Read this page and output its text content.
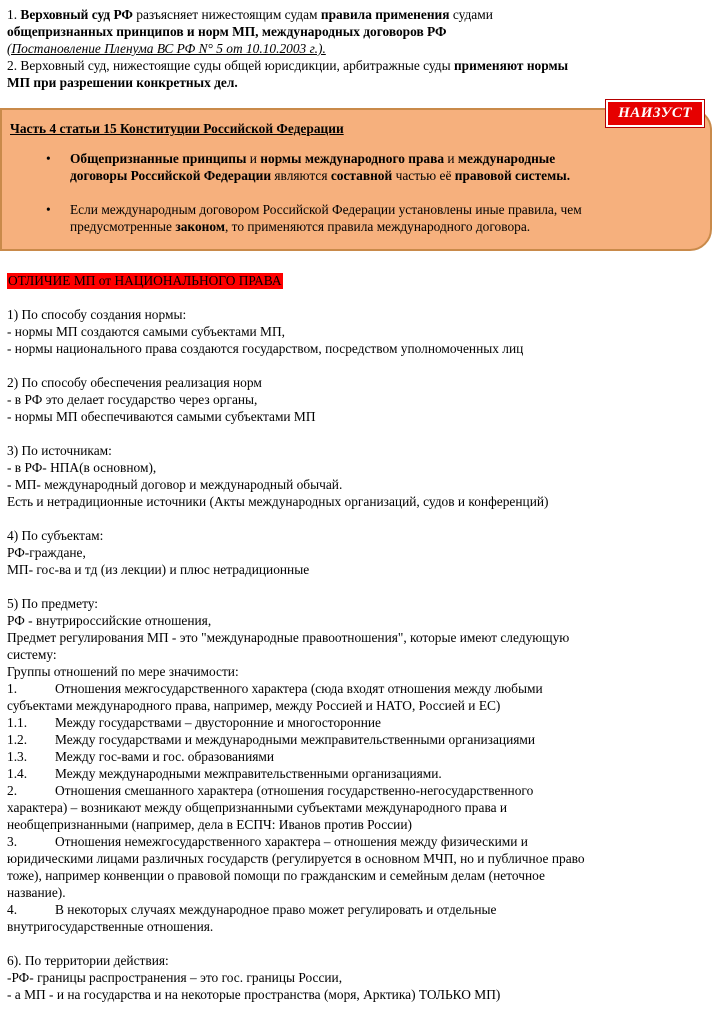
1. Верховный суд РФ разъясняет нижестоящим судам правила применения судами

общепризнанных принципов и норм МП, международных договоров РФ

(Постановление Пленума ВС РФ N° 5 от 10.10.2003 г.).

2. Верховный суд, нижестоящие суды общей юрисдикции, арбитражные суды применяют нормы

МП при разрешении конкретных дел.

НАИЗУСТ
Часть 4 статьи 15 Конституции Российской Федерации
• Общепризнанные принципы и нормы международного права и международные

договоры Российской Федерации являются составной частью её правовой системы.

• Если международным договором Российской Федерации установлены иные правила, чем

предусмотренные законом, то применяются правила международного договора.

ОТЛИЧИЕ МП от НАЦИОНАЛЬНОГО ПРАВА

1) По способу создания нормы:

- нормы МП создаются самыми субъектами МП,

- нормы национального права создаются государством, посредством уполномоченных лиц

2) По способу обеспечения реализация норм

- в РФ это делает государство через органы,

- нормы МП обеспечиваются самыми субъектами МП

3) По источникам:

- в РФ- НПА(в основном),

- МП- международный договор и международный обычай.

Есть и нетрадиционные источники (Акты международных организаций, судов и конференций)

4) По субъектам:

РФ-граждане,

МП- гос-ва и тд (из лекции) и плюс нетрадиционные

5) По предмету:

РФ - внутрироссийские отношения,

Предмет регулирования МП - это "международные правоотношения", которые имеют следующую

систему:

Группы отношений по мере значимости:

1.	Отношения межгосударственного характера (сюда входят отношения между любыми

субъектами международного права, например, между Россией и НАТО, Россией и ЕС)

1.1. Между государствами – двусторонние и многосторонние

1.2. Между государствами и международными межправительственными организациями

1.3. Между гос-вами и гос. образованиями

1.4. Между международными межправительственными организациями.

2.	Отношения смешанного характера (отношения государственно-негосударственного

характера) – возникают между общепризнанными субъектами международного права и

необщепризнанными (например, дела в ЕСПЧ: Иванов против России)

3.	Отношения немежгосударственного характера – отношения между физическими и

юридическими лицами различных государств (регулируется в основном МЧП, но и публичное право

тоже), например конвенции о правовой помощи по гражданским и семейным делам (неточное

название).

4.	В некоторых случаях международное право может регулировать и отдельные

внутригосударственные отношения.

6). По территории действия:

-РФ- границы распространения – это гос. границы России,

- а МП - и на государства и на некоторые пространства (моря, Арктика) ТОЛЬКО МП)
